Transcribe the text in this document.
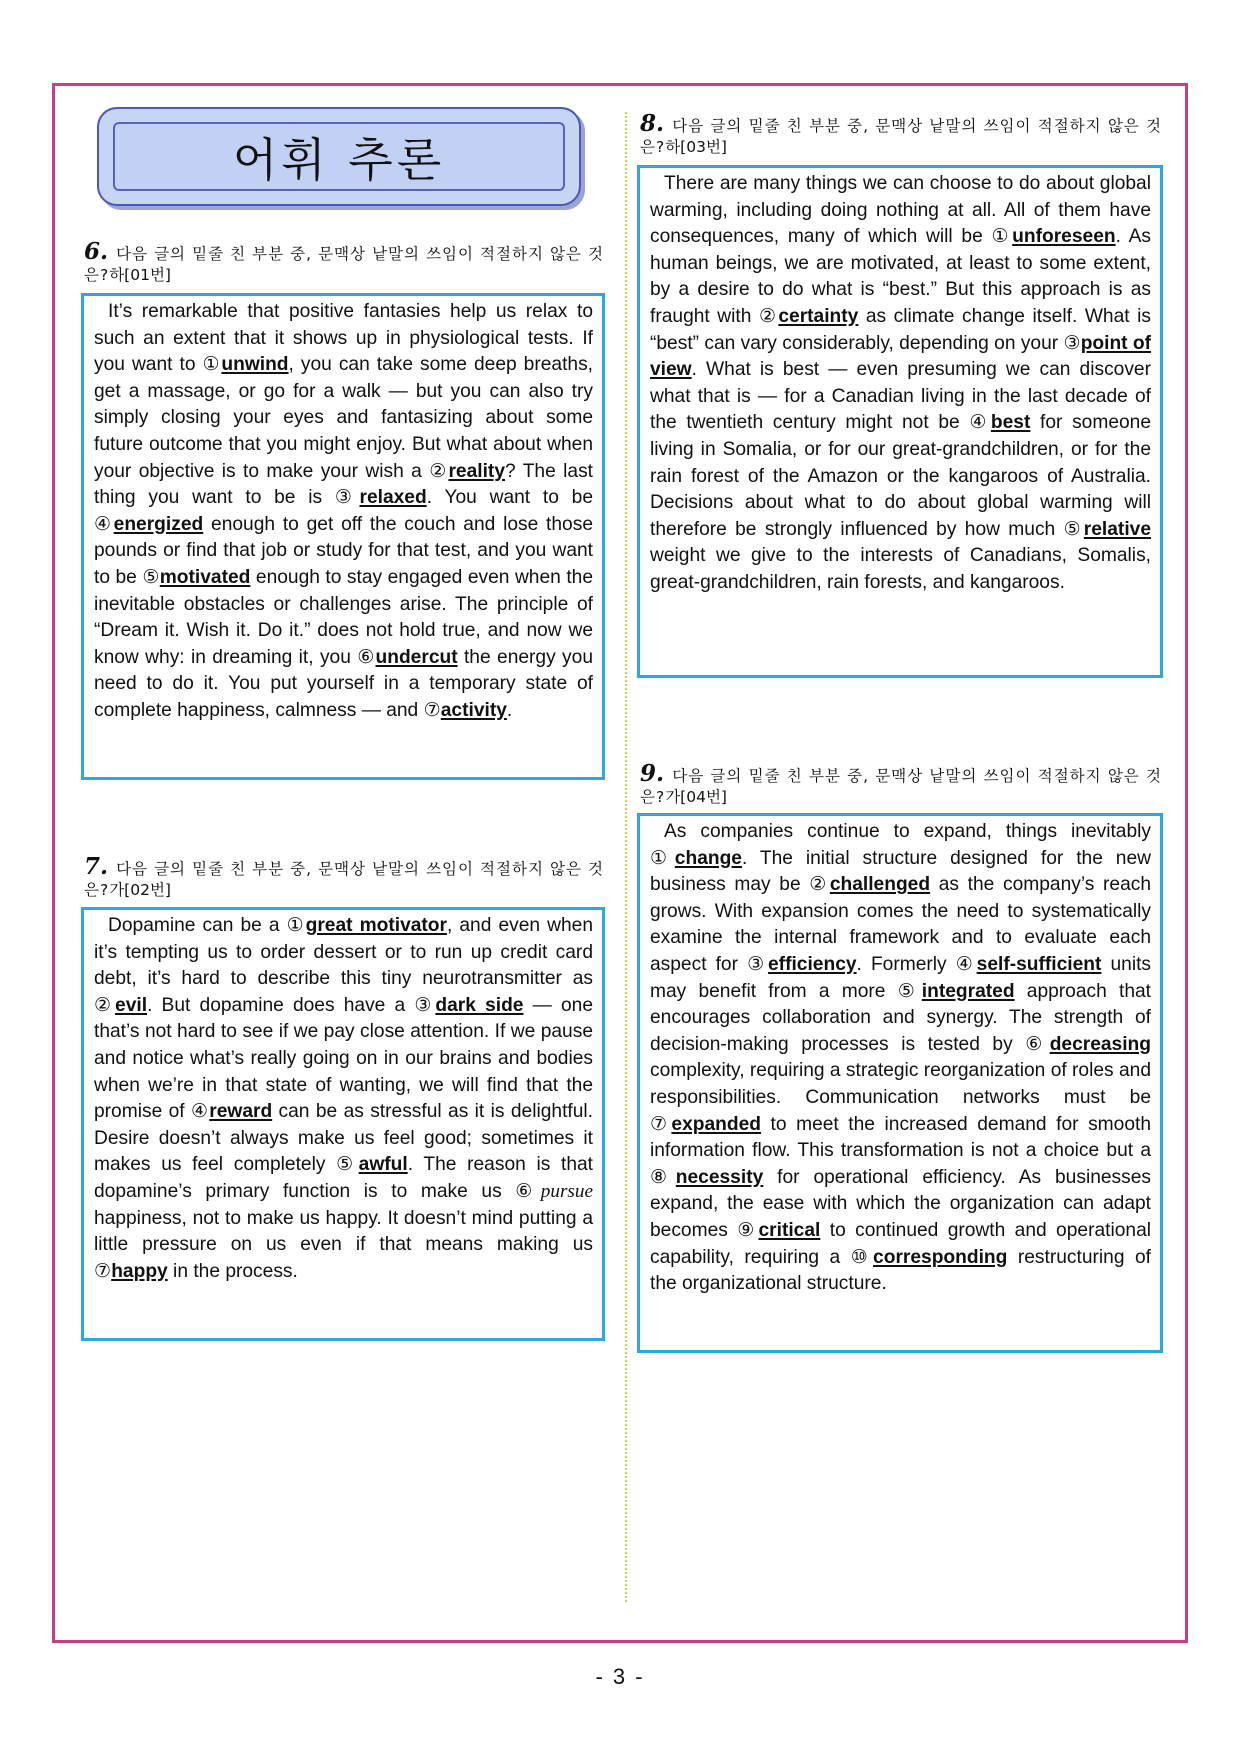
어휘 추론
6. 다음 글의 밑줄 친 부분 중, 문맥상 낱말의 쓰임이 적절하지 않은 것은?하[01번]

It’s remarkable that positive fantasies help us relax to such an extent that it shows up in physiological tests. If you want to ①unwind, you can take some deep breaths, get a massage, or go for a walk — but you can also try simply closing your eyes and fantasizing about some future outcome that you might enjoy. But what about when your objective is to make your wish a ②reality? The last thing you want to be is ③relaxed. You want to be ④energized enough to get off the couch and lose those pounds or find that job or study for that test, and you want to be ⑤motivated enough to stay engaged even when the inevitable obstacles or challenges arise. The principle of “Dream it. Wish it. Do it.” does not hold true, and now we know why: in dreaming it, you ⑥undercut the energy you need to do it. You put yourself in a temporary state of complete happiness, calmness — and ⑦activity.

7. 다음 글의 밑줄 친 부분 중, 문맥상 낱말의 쓰임이 적절하지 않은 것은?가[02번]

Dopamine can be a ①great motivator, and even when it’s tempting us to order dessert or to run up credit card debt, it’s hard to describe this tiny neurotransmitter as ②evil. But dopamine does have a ③dark side — one that’s not hard to see if we pay close attention. If we pause and notice what’s really going on in our brains and bodies when we’re in that state of wanting, we will find that the promise of ④reward can be as stressful as it is delightful. Desire doesn’t always make us feel good; sometimes it makes us feel completely ⑤awful. The reason is that dopamine’s primary function is to make us ⑥pursue happiness, not to make us happy. It doesn’t mind putting a little pressure on us even if that means making us ⑦happy in the process.

8. 다음 글의 밑줄 친 부분 중, 문맥상 낱말의 쓰임이 적절하지 않은 것은?하[03번]

There are many things we can choose to do about global warming, including doing nothing at all. All of them have consequences, many of which will be ①unforeseen. As human beings, we are motivated, at least to some extent, by a desire to do what is “best.” But this approach is as fraught with ②certainty as climate change itself. What is “best” can vary considerably, depending on your ③point of view. What is best — even presuming we can discover what that is — for a Canadian living in the last decade of the twentieth century might not be ④best for someone living in Somalia, or for our great-grandchildren, or for the rain forest of the Amazon or the kangaroos of Australia. Decisions about what to do about global warming will therefore be strongly influenced by how much ⑤relative weight we give to the interests of Canadians, Somalis, great-grandchildren, rain forests, and kangaroos.

9. 다음 글의 밑줄 친 부분 중, 문맥상 낱말의 쓰임이 적절하지 않은 것은?가[04번]

As companies continue to expand, things inevitably ①change. The initial structure designed for the new business may be ②challenged as the company’s reach grows. With expansion comes the need to systematically examine the internal framework and to evaluate each aspect for ③efficiency. Formerly ④self-sufficient units may benefit from a more ⑤integrated approach that encourages collaboration and synergy. The strength of decision-making processes is tested by ⑥decreasing complexity, requiring a strategic reorganization of roles and responsibilities. Communication networks must be ⑦expanded to meet the increased demand for smooth information flow. This transformation is not a choice but a ⑧necessity for operational efficiency. As businesses expand, the ease with which the organization can adapt becomes ⑨critical to continued growth and operational capability, requiring a ⑩corresponding restructuring of the organizational structure.

- 3 -
